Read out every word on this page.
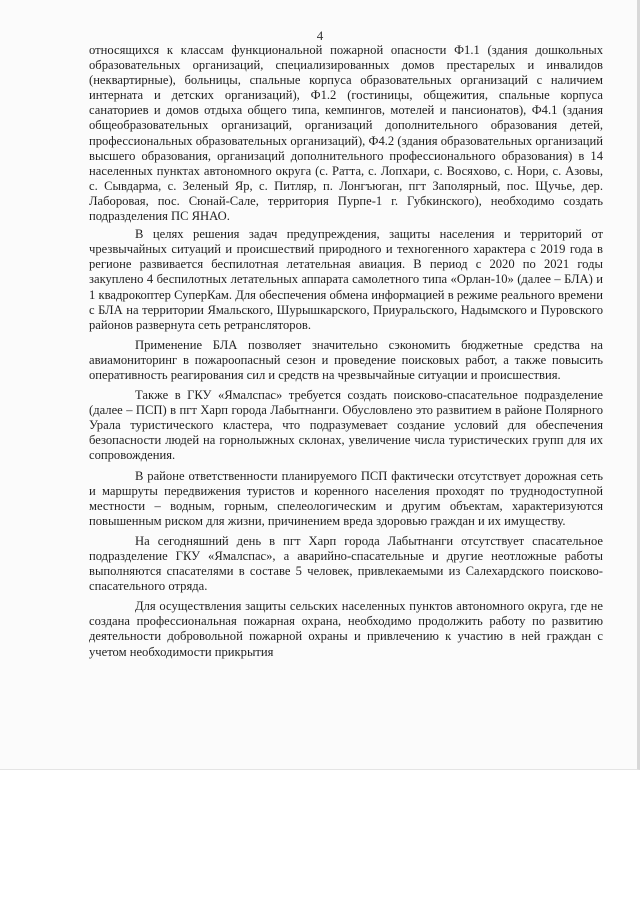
4

относящихся к классам функциональной пожарной опасности Ф1.1 (здания дошкольных образовательных организаций, специализированных домов престарелых и инвалидов (неквартирные), больницы, спальные корпуса образовательных организаций с наличием интерната и детских организаций), Ф1.2 (гостиницы, общежития, спальные корпуса санаториев и домов отдыха общего типа, кемпингов, мотелей и пансионатов), Ф4.1 (здания общеобразовательных организаций, организаций дополнительного образования детей, профессиональных образовательных организаций), Ф4.2 (здания образовательных организаций высшего образования, организаций дополнительного профессионального образования) в 14 населенных пунктах автономного округа (с. Ратта, с. Лопхари, с. Восяхово, с. Нори, с. Азовы, с. Сывдарма, с. Зеленый Яр, с. Питляр, п. Лонгъюган, пгт Заполярный, пос. Щучье, дер. Лаборовая, пос. Сюнай-Сале, территория Пурпе-1 г. Губкинского), необходимо создать подразделения ПС ЯНАО.

В целях решения задач предупреждения, защиты населения и территорий от чрезвычайных ситуаций и происшествий природного и техногенного характера с 2019 года в регионе развивается беспилотная летательная авиация. В период с 2020 по 2021 годы закуплено 4 беспилотных летательных аппарата самолетного типа «Орлан-10» (далее – БЛА) и 1 квадрокоптер СуперКам. Для обеспечения обмена информацией в режиме реального времени с БЛА на территории Ямальского, Шурышкарского, Приуральского, Надымского и Пуровского районов развернута сеть ретрансляторов.

Применение БЛА позволяет значительно сэкономить бюджетные средства на авиамониторинг в пожароопасный сезон и проведение поисковых работ, а также повысить оперативность реагирования сил и средств на чрезвычайные ситуации и происшествия.

Также в ГКУ «Ямалспас» требуется создать поисково-спасательное подразделение (далее – ПСП) в пгт Харп города Лабытнанги. Обусловлено это развитием в районе Полярного Урала туристического кластера, что подразумевает создание условий для обеспечения безопасности людей на горнолыжных склонах, увеличение числа туристических групп для их сопровождения.

В районе ответственности планируемого ПСП фактически отсутствует дорожная сеть и маршруты передвижения туристов и коренного населения проходят по труднодоступной местности – водным, горным, спелеологическим и другим объектам, характеризуются повышенным риском для жизни, причинением вреда здоровью граждан и их имуществу.

На сегодняшний день в пгт Харп города Лабытнанги отсутствует спасательное подразделение ГКУ «Ямалспас», а аварийно-спасательные и другие неотложные работы выполняются спасателями в составе 5 человек, привлекаемыми из Салехардского поисково-спасательного отряда.

Для осуществления защиты сельских населенных пунктов автономного округа, где не создана профессиональная пожарная охрана, необходимо продолжить работу по развитию деятельности добровольной пожарной охраны и привлечению к участию в ней граждан с учетом необходимости прикрытия
